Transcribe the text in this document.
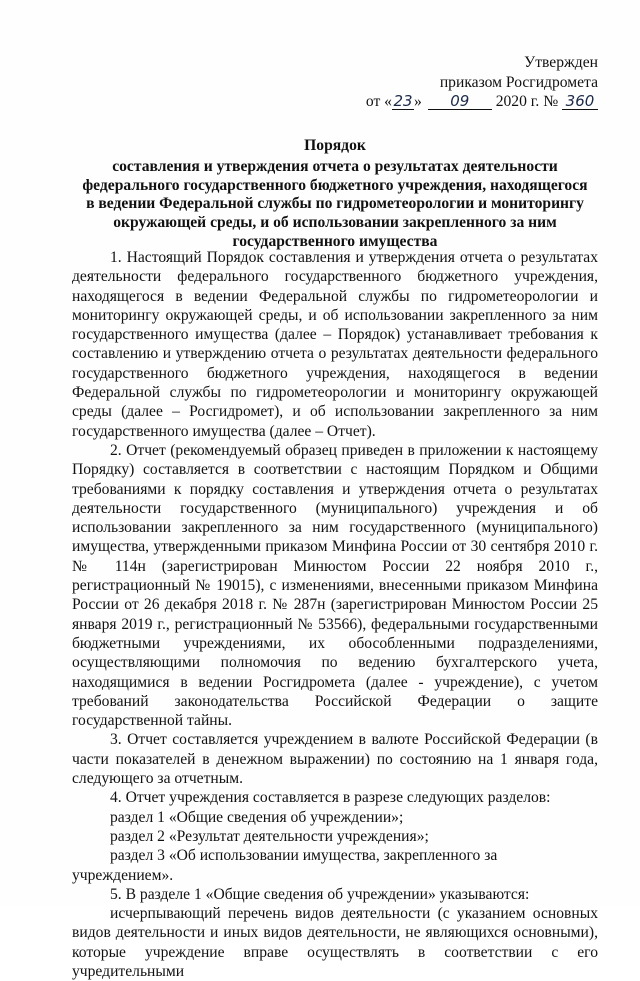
Утвержден
приказом Росгидромета
от «23» 09 2020 г. № 360
Порядок
составления и утверждения отчета о результатах деятельности
федерального государственного бюджетного учреждения, находящегося
в ведении Федеральной службы по гидрометеорологии и мониторингу
окружающей среды, и об использовании закрепленного за ним
государственного имущества

1. Настоящий Порядок составления и утверждения отчета о результатах деятельности федерального государственного бюджетного учреждения, находящегося в ведении Федеральной службы по гидрометеорологии и мониторингу окружающей среды, и об использовании закрепленного за ним государственного имущества (далее – Порядок) устанавливает требования к составлению и утверждению отчета о результатах деятельности федерального государственного бюджетного учреждения, находящегося в ведении Федеральной службы по гидрометеорологии и мониторингу окружающей среды (далее – Росгидромет), и об использовании закрепленного за ним государственного имущества (далее – Отчет).

2. Отчет (рекомендуемый образец приведен в приложении к настоящему Порядку) составляется в соответствии с настоящим Порядком и Общими требованиями к порядку составления и утверждения отчета о результатах деятельности государственного (муниципального) учреждения и об использовании закрепленного за ним государственного (муниципального) имущества, утвержденными приказом Минфина России от 30 сентября 2010 г. № 114н (зарегистрирован Минюстом России 22 ноября 2010 г., регистрационный № 19015), с изменениями, внесенными приказом Минфина России от 26 декабря 2018 г. № 287н (зарегистрирован Минюстом России 25 января 2019 г., регистрационный № 53566), федеральными государственными бюджетными учреждениями, их обособленными подразделениями, осуществляющими полномочия по ведению бухгалтерского учета, находящимися в ведении Росгидромета (далее - учреждение), с учетом требований законодательства Российской Федерации о защите государственной тайны.

3. Отчет составляется учреждением в валюте Российской Федерации (в части показателей в денежном выражении) по состоянию на 1 января года, следующего за отчетным.

4. Отчет учреждения составляется в разрезе следующих разделов:

раздел 1 «Общие сведения об учреждении»;

раздел 2 «Результат деятельности учреждения»;

раздел 3 «Об использовании имущества, закрепленного за учреждением».

5. В разделе 1 «Общие сведения об учреждении» указываются:

исчерпывающий перечень видов деятельности (с указанием основных видов деятельности и иных видов деятельности, не являющихся основными), которые учреждение вправе осуществлять в соответствии с его учредительными
